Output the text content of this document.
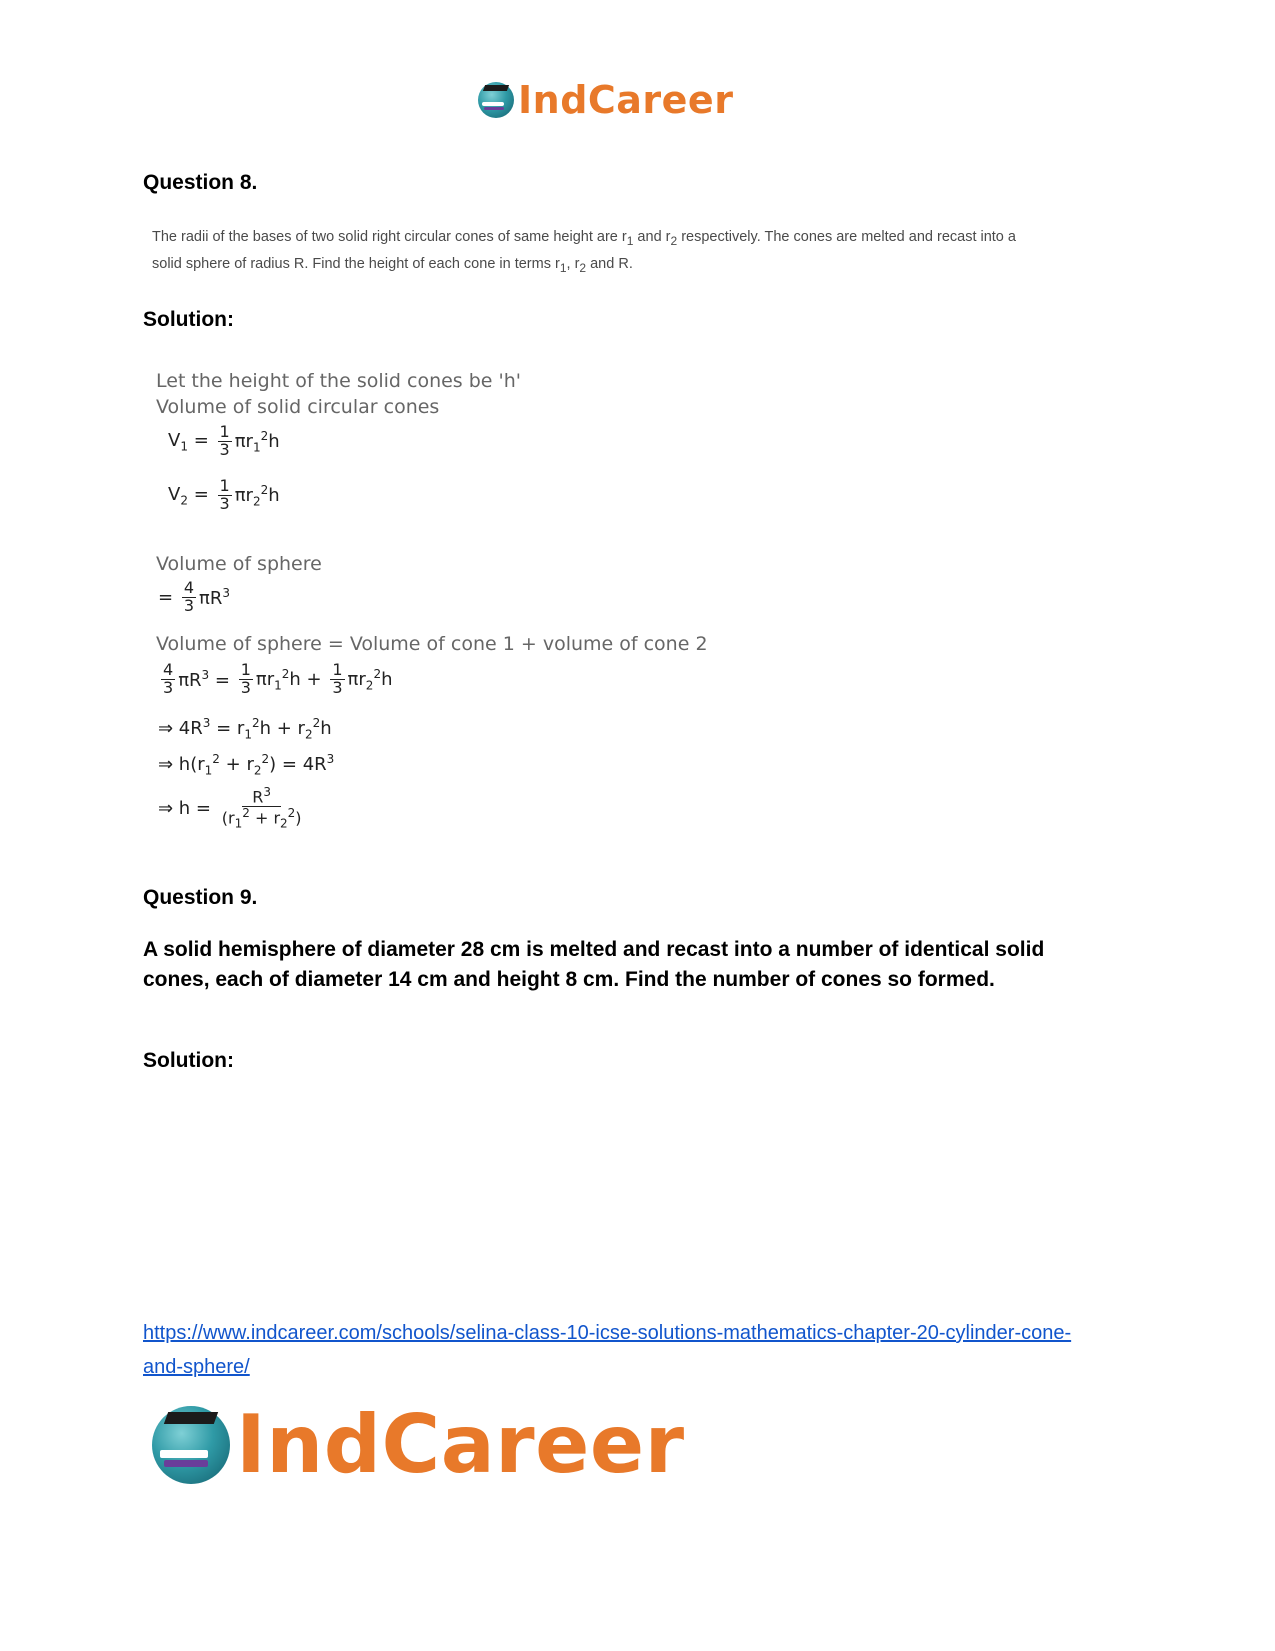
IndCareer
Question 8.
The radii of the bases of two solid right circular cones of same height are $r_1$ and $r_2$ respectively. The cones are melted and recast into a
solid sphere of radius R. Find the height of each cone in terms $r_1$, $r_2$ and R.
Solution:
Let the height of the solid cones be 'h'
Volume of solid circular cones
$V_1 = \frac{1}{3} \pi r_1^2h$
$V_2 = \frac{1}{3} \pi r_2^2h$
Volume of sphere
= $\frac{4}{3} \pi R^3$
Volume of sphere = Volume of cone 1 + volume of cone 2
$\frac{4}{3} \pi R^3 = \frac{1}{3} \pi r_1^2h + \frac{1}{3} \pi r_2^2h$
⇒ $4R^3 = r_1^2h + r_2^2h$
⇒ $h(r_1^2 + r_2^2) = 4R^3$
⇒ $h = \frac{R^3}{(r_1^2 + r_2^2)}$
Question 9.
A solid hemisphere of diameter 28 cm is melted and recast into a number of identical solid cones, each of diameter 14 cm and height 8 cm. Find the number of cones so formed.
Solution:
https://www.indcareer.com/schools/selina-class-10-icse-solutions-mathematics-chapter-20-cylinder-cone-and-sphere/
IndCareer
